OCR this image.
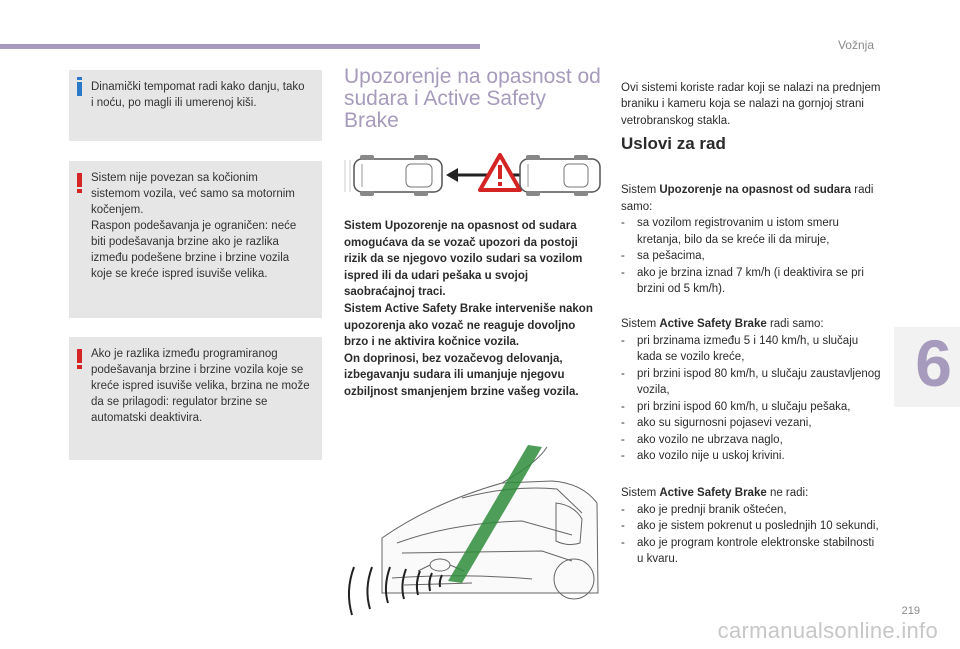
Vožnja
6
219
carmanualsonline.info

Dinamički tempomat radi kako danju, tako i noću, po magli ili umerenoj kiši.

Sistem nije povezan sa kočionim sistemom vozila, već samo sa motornim kočenjem.
Raspon podešavanja je ograničen: neće biti podešavanja brzine ako je razlika između podešene brzine i brzine vozila koje se kreće ispred isuviše velika.

Ako je razlika između programiranog podešavanja brzine i brzine vozila koje se kreće ispred isuviše velika, brzina ne može da se prilagodi: regulator brzine se automatski deaktivira.

Upozorenje na opasnost od sudara i Active Safety Brake

Sistem Upozorenje na opasnost od sudara omogućava da se vozač upozori da postoji rizik da se njegovo vozilo sudari sa vozilom ispred ili da udari pešaka u svojoj saobraćajnoj traci.
Sistem Active Safety Brake interveniše nakon upozorenja ako vozač ne reaguje dovoljno brzo i ne aktivira kočnice vozila.
On doprinosi, bez vozačevog delovanja, izbegavanju sudara ili umanjuje njegovu ozbiljnost smanjenjem brzine vašeg vozila.

Ovi sistemi koriste radar koji se nalazi na prednjem braniku i kameru koja se nalazi na gornjoj strani vetrobranskog stakla.

Uslovi za rad

Sistem Upozorenje na opasnost od sudara radi samo:

- sa vozilom registrovanim u istom smeru kretanja, bilo da se kreće ili da miruje,
- sa pešacima,
- ako je brzina iznad 7 km/h (i deaktivira se pri brzini od 5 km/h).

Sistem Active Safety Brake radi samo:

- pri brzinama između 5 i 140 km/h, u slučaju kada se vozilo kreće,
- pri brzini ispod 80 km/h, u slučaju zaustavljenog vozila,
- pri brzini ispod 60 km/h, u slučaju pešaka,
- ako su sigurnosni pojasevi vezani,
- ako vozilo ne ubrzava naglo,
- ako vozilo nije u uskoj krivini.

Sistem Active Safety Brake ne radi:

- ako je prednji branik oštećen,
- ako je sistem pokrenut u poslednjih 10 sekundi,
- ako je program kontrole elektronske stabilnosti u kvaru.
